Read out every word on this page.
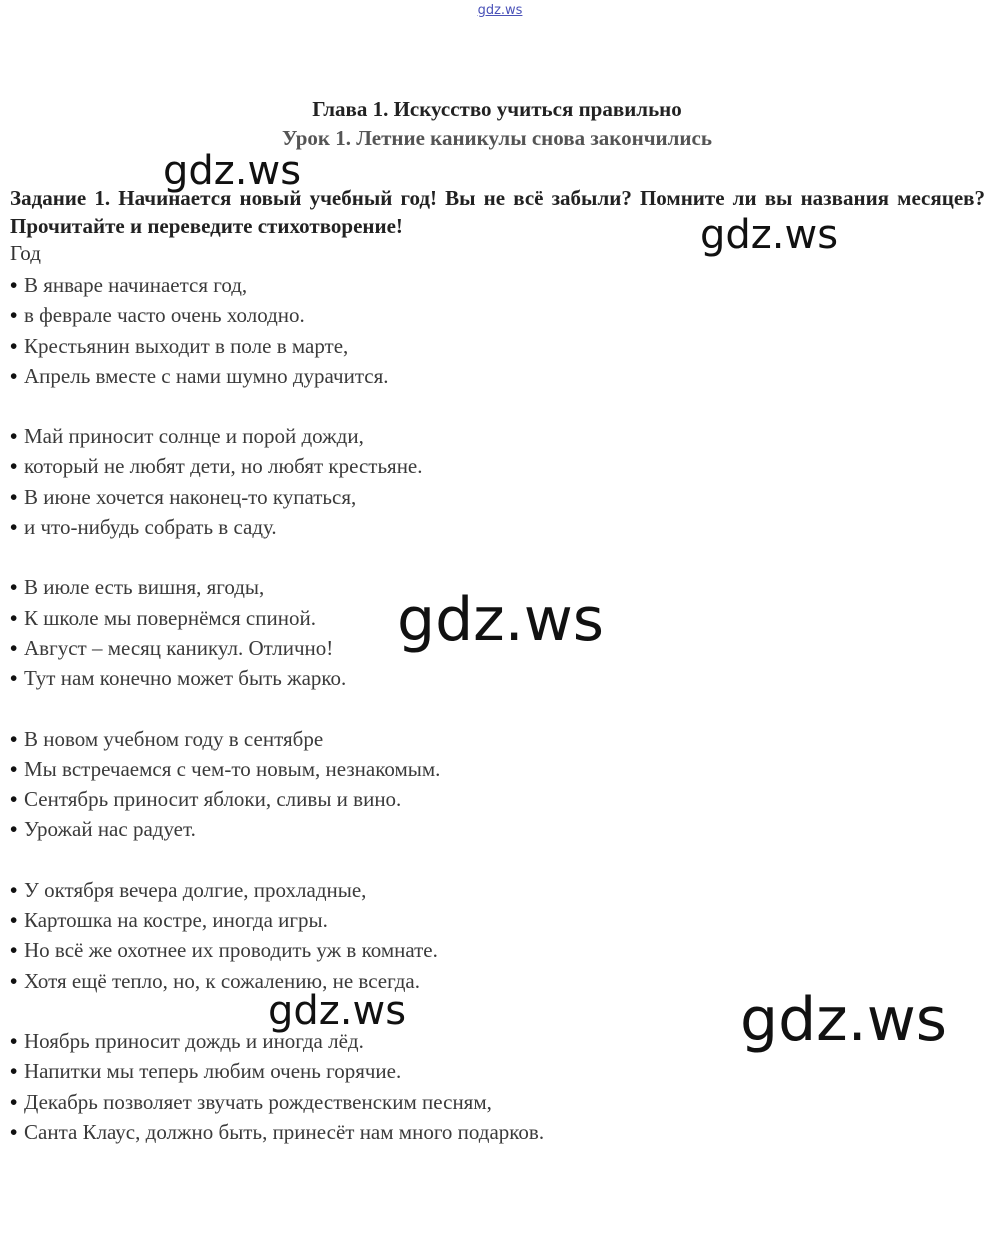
gdz.ws
Глава 1. Искусство учиться правильно
Урок 1. Летние каникулы снова закончились
Задание 1. Начинается новый учебный год! Вы не всё забыли? Помните ли вы названия месяцев? Прочитайте и переведите стихотворение!
Год
• В январе начинается год,
• в феврале часто очень холодно.
• Крестьянин выходит в поле в марте,
• Апрель вместе с нами шумно дурачится.
• Май приносит солнце и порой дожди,
• который не любят дети, но любят крестьяне.
• В июне хочется наконец-то купаться,
• и что-нибудь собрать в саду.
• В июле есть вишня, ягоды,
• К школе мы повернёмся спиной.
• Август – месяц каникул. Отлично!
• Тут нам конечно может быть жарко.
• В новом учебном году в сентябре
• Мы встречаемся с чем-то новым, незнакомым.
• Сентябрь приносит яблоки, сливы и вино.
• Урожай нас радует.
• У октября вечера долгие, прохладные,
• Картошка на костре, иногда игры.
• Но всё же охотнее их проводить уж в комнате.
• Хотя ещё тепло, но, к сожалению, не всегда.
• Ноябрь приносит дождь и иногда лёд.
• Напитки мы теперь любим очень горячие.
• Декабрь позволяет звучать рождественским песням,
• Санта Клаус, должно быть, принесёт нам много подарков.
gdz.ws
gdz.ws
gdz.ws
gdz.ws	gdz.ws
